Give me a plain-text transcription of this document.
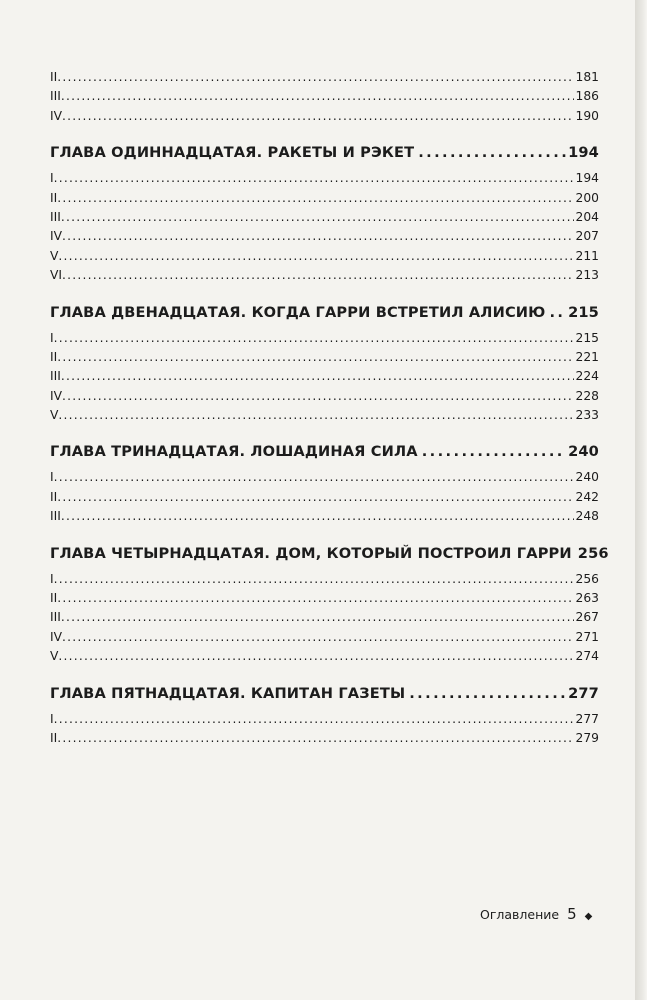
II .....	181
III .....	186
IV .....	190
ГЛАВА ОДИННАДЦАТАЯ. РАКЕТЫ И РЭКЕТ .....	194
I .....	194
II .....	200
III .....	204
IV .....	207
V .....	211
VI .....	213
ГЛАВА ДВЕНАДЦАТАЯ. КОГДА ГАРРИ ВСТРЕТИЛ АЛИСИЮ ..... 215
I .....	215
II .....	221
III .....	224
IV .....	228
V .....	233
ГЛАВА ТРИНАДЦАТАЯ. ЛОШАДИНАЯ СИЛА .....	240
I .....	240
II .....	242
III .....	248
ГЛАВА ЧЕТЫРНАДЦАТАЯ. ДОМ, КОТОРЫЙ ПОСТРОИЛ ГАРРИ 256
I .....	256
II .....	263
III .....	267
IV .....	271
V .....	274
ГЛАВА ПЯТНАДЦАТАЯ. КАПИТАН ГАЗЕТЫ .....	277
I .....	277
II .....	279
Оглавление 5 ◆
